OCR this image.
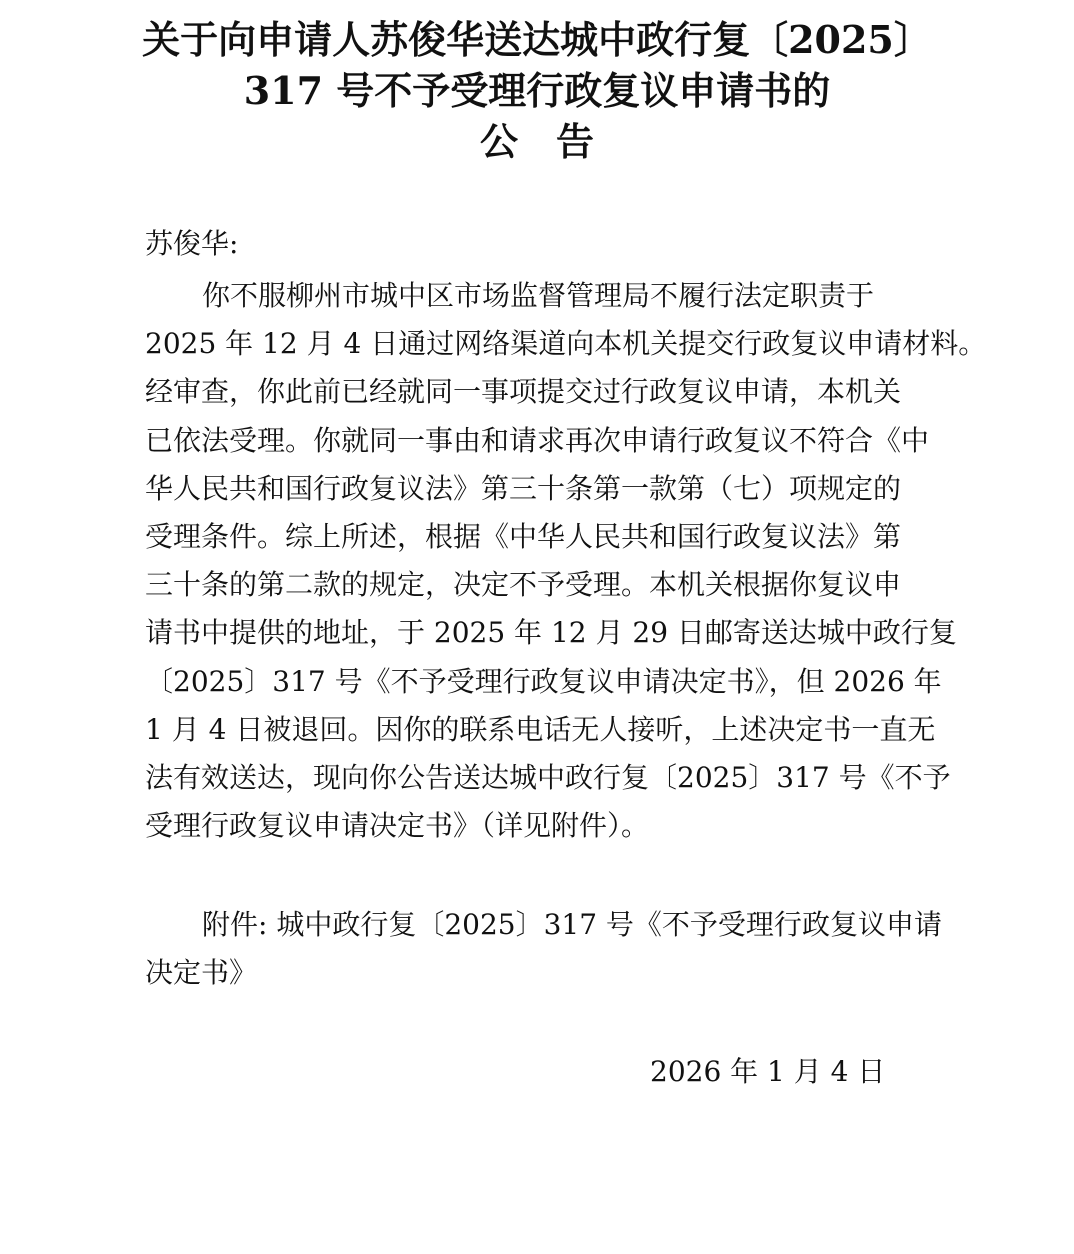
关于向申请人苏俊华送达城中政行复〔2025〕
317 号不予受理行政复议申请书的
公 告
苏俊华:
你不服柳州市城中区市场监督管理局不履行法定职责于
2025 年 12 月 4 日通过网络渠道向本机关提交行政复议申请材料。
经审查，你此前已经就同一事项提交过行政复议申请，本机关
已依法受理。你就同一事由和请求再次申请行政复议不符合《中
华人民共和国行政复议法》第三十条第一款第（七）项规定的
受理条件。综上所述，根据《中华人民共和国行政复议法》第
三十条的第二款的规定，决定不予受理。本机关根据你复议申
请书中提供的地址，于 2025 年 12 月 29 日邮寄送达城中政行复
〔2025〕317 号《不予受理行政复议申请决定书》，但 2026 年
1 月 4 日被退回。因你的联系电话无人接听，上述决定书一直无
法有效送达，现向你公告送达城中政行复〔2025〕317 号《不予
受理行政复议申请决定书》（详见附件）。
附件: 城中政行复〔2025〕317 号《不予受理行政复议申请
决定书》
2026 年 1 月 4 日
